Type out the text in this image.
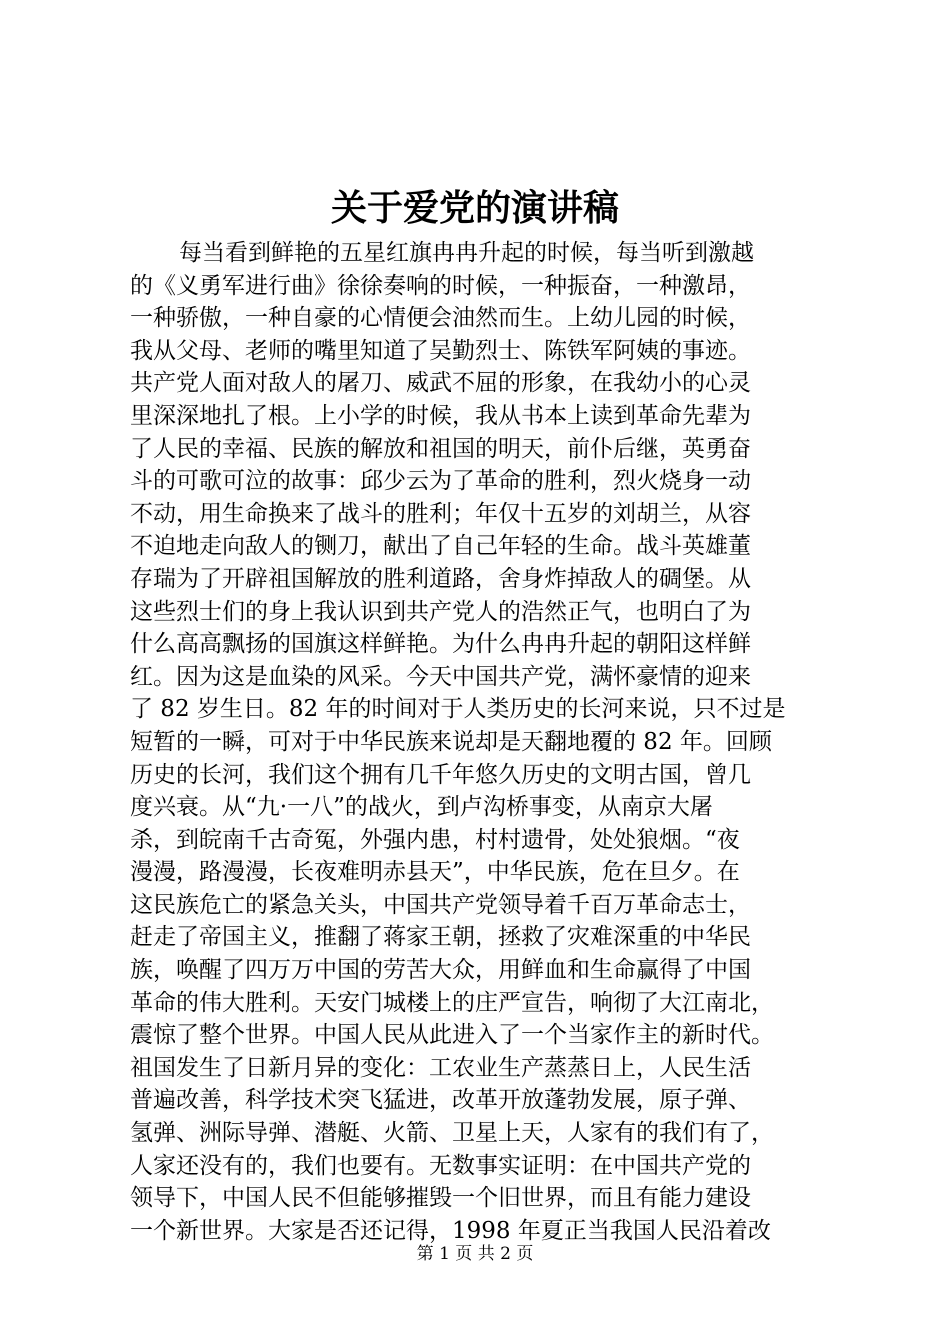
关于爱党的演讲稿
每当看到鲜艳的五星红旗冉冉升起的时候，每当听到激越
的《义勇军进行曲》徐徐奏响的时候，一种振奋，一种激昂，
一种骄傲，一种自豪的心情便会油然而生。上幼儿园的时候，
我从父母、老师的嘴里知道了吴勤烈士、陈铁军阿姨的事迹。
共产党人面对敌人的屠刀、威武不屈的形象，在我幼小的心灵
里深深地扎了根。上小学的时候，我从书本上读到革命先辈为
了人民的幸福、民族的解放和祖国的明天，前仆后继，英勇奋
斗的可歌可泣的故事：邱少云为了革命的胜利，烈火烧身一动
不动，用生命换来了战斗的胜利；年仅十五岁的刘胡兰，从容
不迫地走向敌人的铡刀，献出了自己年轻的生命。战斗英雄董
存瑞为了开辟祖国解放的胜利道路，舍身炸掉敌人的碉堡。从
这些烈士们的身上我认识到共产党人的浩然正气，也明白了为
什么高高飘扬的国旗这样鲜艳。为什么冉冉升起的朝阳这样鲜
红。因为这是血染的风采。今天中国共产党，满怀豪情的迎来
了 82 岁生日。82 年的时间对于人类历史的长河来说，只不过是
短暂的一瞬，可对于中华民族来说却是天翻地覆的 82 年。回顾
历史的长河，我们这个拥有几千年悠久历史的文明古国，曾几
度兴衰。从“九·一八”的战火，到卢沟桥事变，从南京大屠
杀，到皖南千古奇冤，外强内患，村村遗骨，处处狼烟。“夜
漫漫，路漫漫，长夜难明赤县天”，中华民族，危在旦夕。在
这民族危亡的紧急关头，中国共产党领导着千百万革命志士，
赶走了帝国主义，推翻了蒋家王朝，拯救了灾难深重的中华民
族，唤醒了四万万中国的劳苦大众，用鲜血和生命赢得了中国
革命的伟大胜利。天安门城楼上的庄严宣告，响彻了大江南北，
震惊了整个世界。中国人民从此进入了一个当家作主的新时代。
祖国发生了日新月异的变化：工农业生产蒸蒸日上，人民生活
普遍改善，科学技术突飞猛进，改革开放蓬勃发展，原子弹、
氢弹、洲际导弹、潜艇、火箭、卫星上天，人家有的我们有了，
人家还没有的，我们也要有。无数事实证明：在中国共产党的
领导下，中国人民不但能够摧毁一个旧世界，而且有能力建设
一个新世界。大家是否还记得，1998 年夏正当我国人民沿着改
第 1 页 共 2 页
